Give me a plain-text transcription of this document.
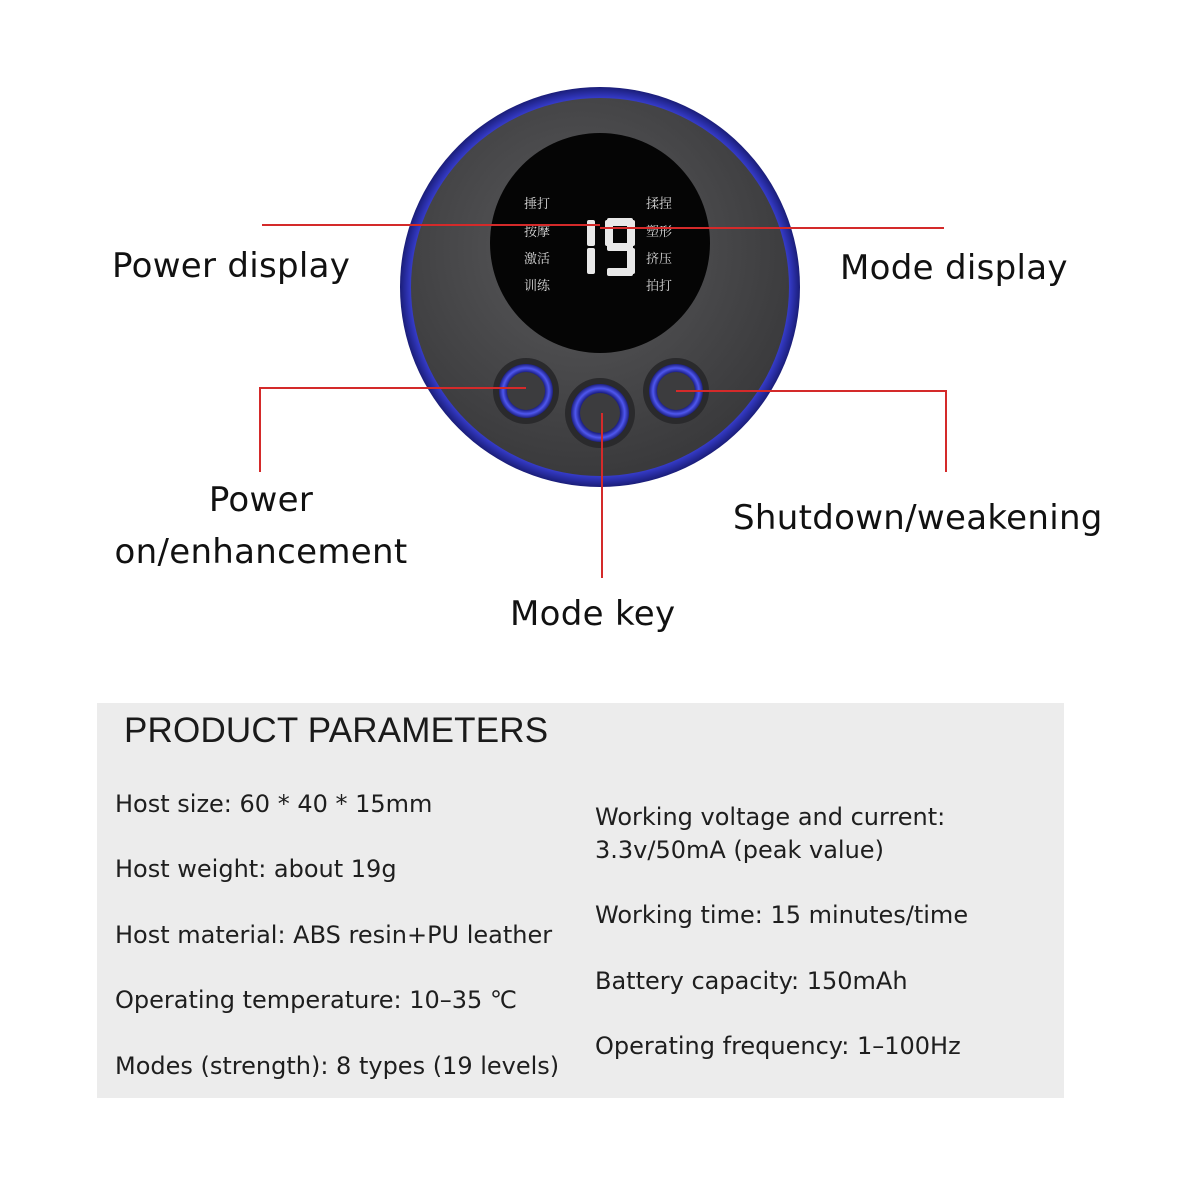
捶打
按摩
激活
训练
揉捏
塑形
挤压
拍打
Power display	Mode display
Power
on/enhancement
Shutdown/weakening
Mode key
PRODUCT PARAMETERS
Host size: 60 * 40 * 15mm
Host weight: about 19g
Host material: ABS resin+PU leather
Operating temperature: 10–35 ℃
Modes (strength): 8 types (19 levels)
Working voltage and current:
3.3v/50mA (peak value)
Working time: 15 minutes/time
Battery capacity: 150mAh
Operating frequency: 1–100Hz
